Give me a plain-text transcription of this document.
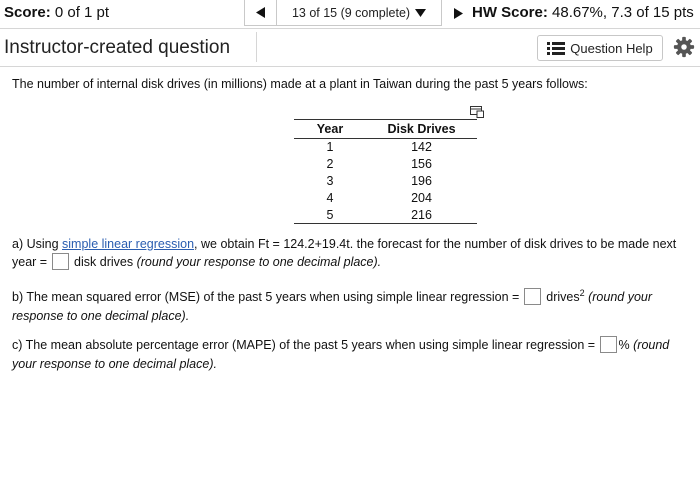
Score: 0 of 1 pt	13 of 15 (9 complete)	HW Score: 48.67%, 7.3 of 15 pts
Instructor-created question	Question Help
The number of internal disk drives (in millions) made at a plant in Taiwan during the past 5 years follows:
Year	Disk Drives
1	142
2	156
3	196
4	204
5	216
a) Using simple linear regression, we obtain Ft = 124.2+19.4t. the forecast for the number of disk drives to be made next year =  disk drives (round your response to one decimal place).
b) The mean squared error (MSE) of the past 5 years when using simple linear regression =  drives$^2$ (round your response to one decimal place).
c) The mean absolute percentage error (MAPE) of the past 5 years when using simple linear regression = % (round your response to one decimal place).
